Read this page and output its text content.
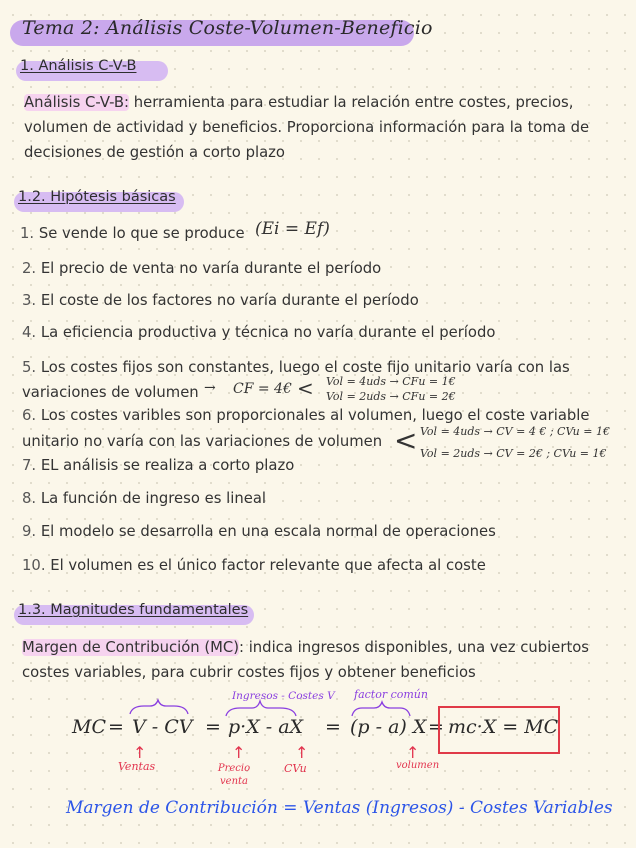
Tema 2: Análisis Coste-Volumen-Beneficio
1. Análisis C-V-B
Análisis C-V-B: herramienta para estudiar la relación entre costes, precios,
volumen de actividad y beneficios. Proporciona información para la toma de
decisiones de gestión a corto plazo
1.2. Hipótesis básicas
1. Se vende lo que se produce (Ei = Ef)
2. El precio de venta no varía durante el período
3. El coste de los factores no varía durante el período
4. La eficiencia productiva y técnica no varía durante el período
5. Los costes fijos son constantes, luego el coste fijo unitario varía con las
variaciones de volumen → CF = 4€ < Vol = 4uds → CFu = 1€
Vol = 2uds → CFu = 2€
6. Los costes varibles son proporcionales al volumen, luego el coste variable
unitario no varía con las variaciones de volumen < Vol = 4uds → CV = 4 € ; CVu = 1€
Vol = 2uds → CV = 2€ ; CVu = 1€
7. EL análisis se realiza a corto plazo
8. La función de ingreso es lineal
9. El modelo se desarrolla en una escala normal de operaciones
10. El volumen es el único factor relevante que afecta al coste
1.3. Magnitudes fundamentales
Margen de Contribución (MC): indica ingresos disponibles, una vez cubiertos
costes variables, para cubrir costes fijos y obtener beneficios
Ingresos - Costes V factor común
MC = V - CV = p·X - aX = (p - a) X = mc·X = MC
↑
Ventas
↑
Precio venta
↑
CVu
↑
volumen
Margen de Contribución = Ventas (Ingresos) - Costes Variables
